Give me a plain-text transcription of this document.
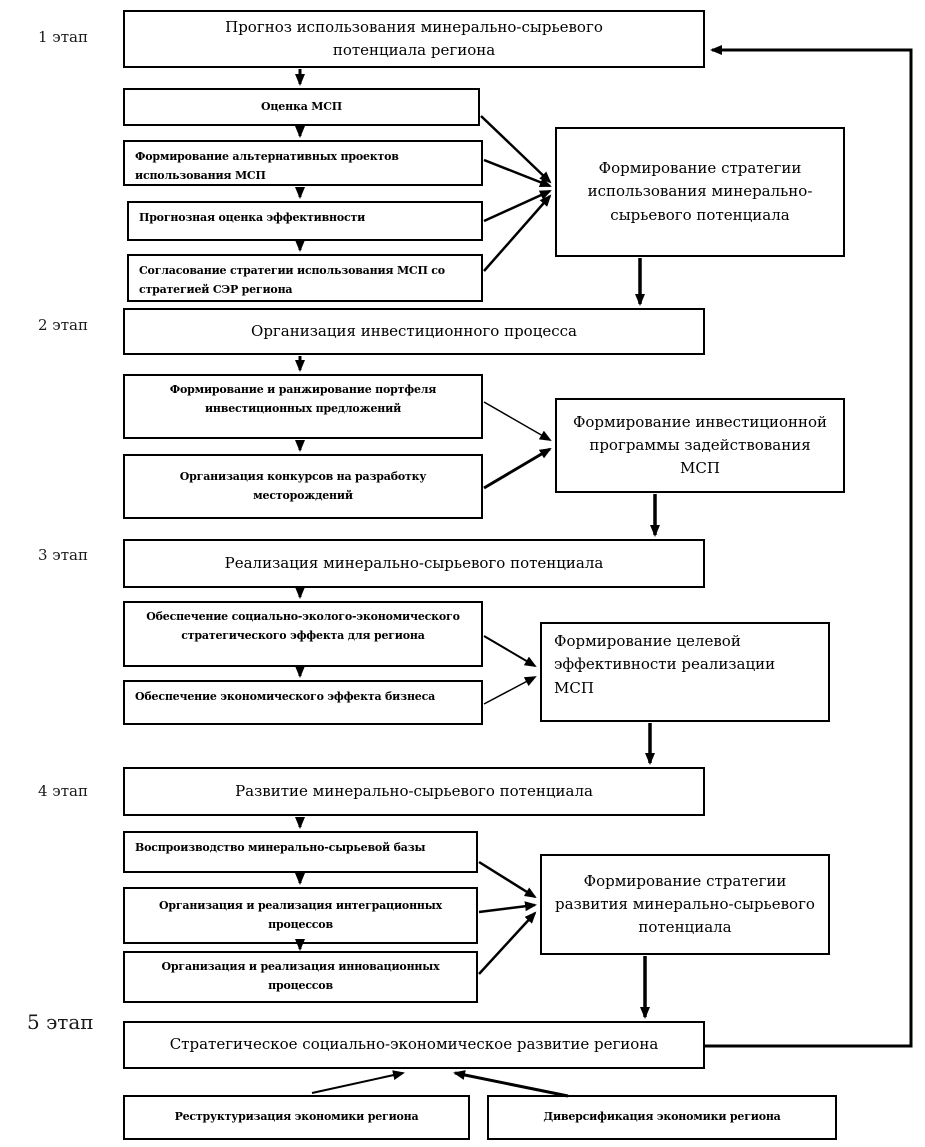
1 этап
2 этап
3 этап
4 этап
5 этап
Прогноз использования минерально-сырьевого потенциала региона
Оценка МСП
Формирование альтернативных проектов использования МСП
Прогнозная оценка эффективности
Согласование стратегии использования МСП со стратегией СЭР региона
Формирование стратегии использования минерально-сырьевого потенциала
Организация инвестиционного процесса
Формирование и ранжирование портфеля инвестиционных предложений
Организация конкурсов на разработку месторождений
Формирование инвестиционной программы задействования МСП
Реализация минерально-сырьевого потенциала
Обеспечение социально-эколого-экономического стратегического эффекта для региона
Обеспечение экономического эффекта бизнеса
Формирование целевой эффективности реализации МСП
Развитие минерально-сырьевого потенциала
Воспроизводство минерально-сырьевой базы
Организация и реализация интеграционных процессов
Организация и реализация инновационных процессов
Формирование стратегии развития минерально-сырьевого потенциала
Стратегическое социально-экономическое развитие региона
Реструктуризация экономики региона	Диверсификация экономики региона
